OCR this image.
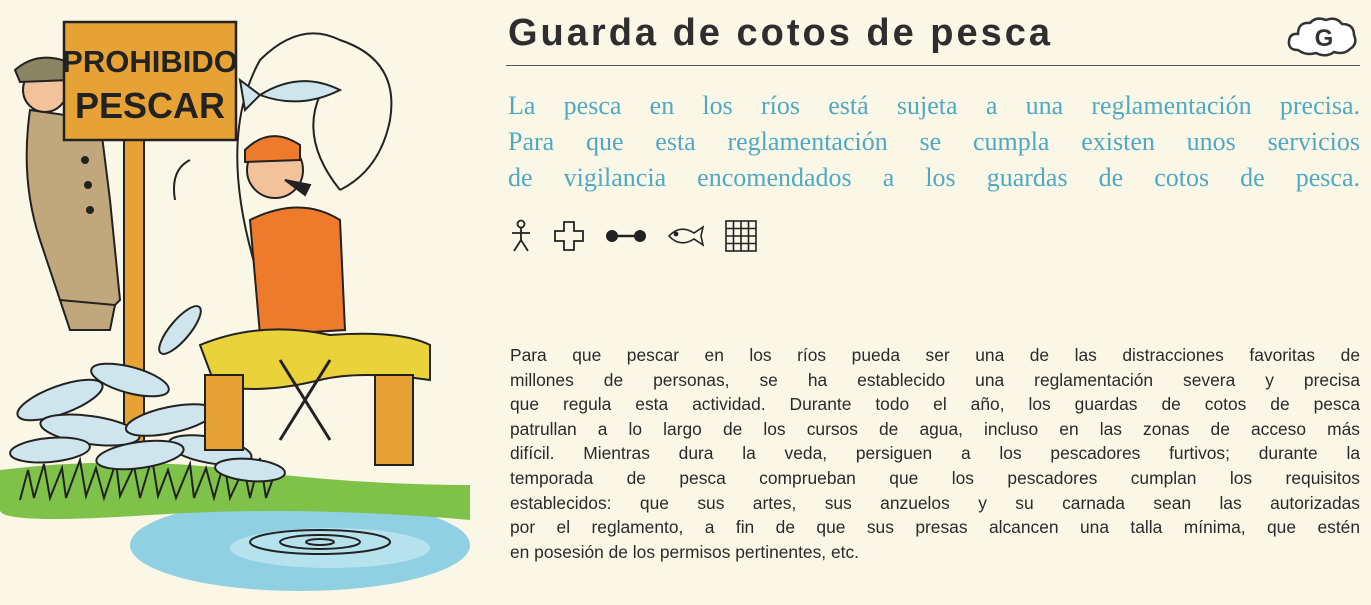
PROHIBIDO
PESCAR
Guarda de cotos de pesca	G

La pesca en los ríos está sujeta a una reglamentación precisa.
Para que esta reglamentación se cumpla existen unos servicios
de vigilancia encomendados a los guardas de cotos de pesca.

Para que pescar en los ríos pueda ser una de las distracciones favoritas de
millones de personas, se ha establecido una reglamentación severa y precisa
que regula esta actividad. Durante todo el año, los guardas de cotos de pesca
patrullan a lo largo de los cursos de agua, incluso en las zonas de acceso más
difícil. Mientras dura la veda, persiguen a los pescadores furtivos; durante la
temporada de pesca comprueban que los pescadores cumplan los requisitos
establecidos: que sus artes, sus anzuelos y su carnada sean las autorizadas
por el reglamento, a fin de que sus presas alcancen una talla mínima, que estén
en posesión de los permisos pertinentes, etc.
